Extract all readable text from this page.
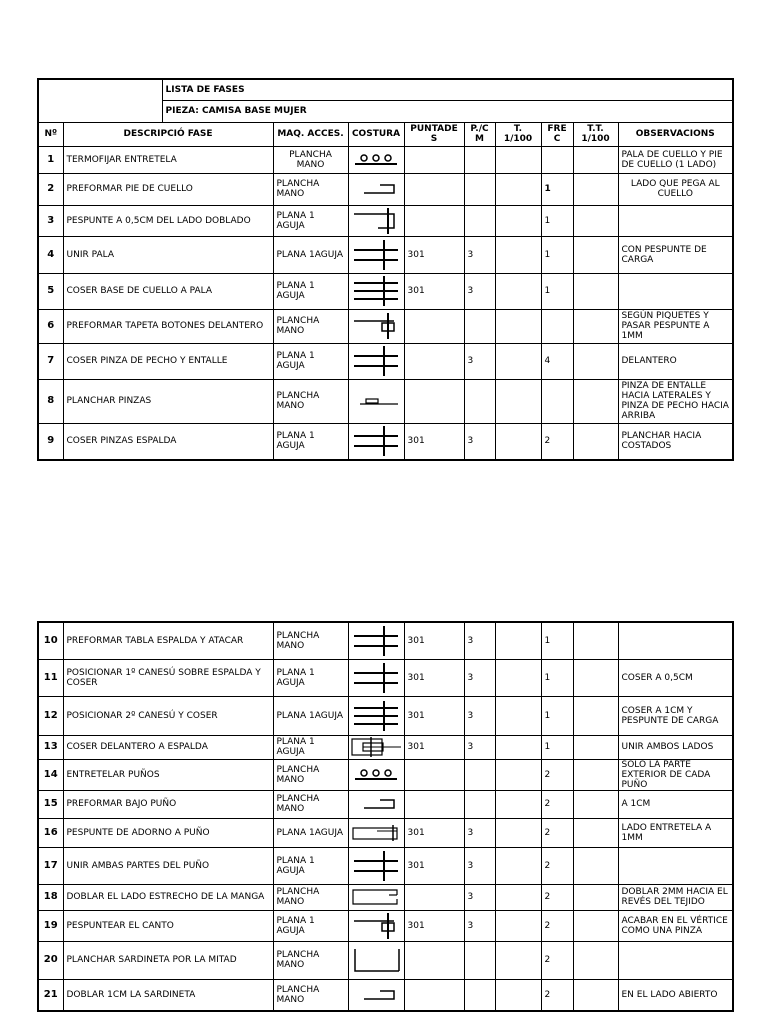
		LISTA DE FASES								
		PIEZA: CAMISA BASE MUJER								
Nº	DESCRIPCIÓ FASE		MAQ. ACCES.	COSTURA	PUNTADE S	P./C M	T. 1/100	FRE C	T.T. 1/100	OBSERVACIONS
1	TERMOFIJAR ENTRETELA		PLANCHA MANO							PALA DE CUELLO Y PIE DE CUELLO (1 LADO)
2	PREFORMAR PIE DE CUELLO		PLANCHA MANO					1		LADO QUE PEGA AL CUELLO
3	PESPUNTE A 0,5CM DEL LADO DOBLADO		PLANA 1 AGUJA					1		
4	UNIR PALA		PLANA 1AGUJA		301	3		1		CON PESPUNTE DE CARGA
5	COSER BASE DE CUELLO A PALA		PLANA 1 AGUJA		301	3		1		
6	PREFORMAR TAPETA BOTONES DELANTERO		PLANCHA MANO							SEGÚN PIQUETES Y PASAR PESPUNTE A 1MM
7	COSER PINZA DE PECHO Y ENTALLE		PLANA 1 AGUJA			3		4		DELANTERO
8	PLANCHAR PINZAS		PLANCHA MANO							PINZA DE ENTALLE HACIA LATERALES Y PINZA DE PECHO HACIA ARRIBA
9	COSER PINZAS ESPALDA		PLANA 1 AGUJA		301	3		2		PLANCHAR HACIA COSTADOS
10	PREFORMAR TABLA ESPALDA Y ATACAR	PLANCHA MANO		301	3		1		
11	POSICIONAR 1º CANESÚ SOBRE ESPALDA Y COSER	PLANA 1 AGUJA		301	3		1		COSER A 0,5CM
12	POSICIONAR 2º CANESÚ Y COSER	PLANA 1AGUJA		301	3		1		COSER A 1CM Y PESPUNTE DE CARGA
13	COSER DELANTERO A ESPALDA	PLANA 1 AGUJA		301	3		1		UNIR AMBOS LADOS
14	ENTRETELAR PUÑOS	PLANCHA MANO					2		SOLO LA PARTE EXTERIOR DE CADA PUÑO
15	PREFORMAR BAJO PUÑO	PLANCHA MANO					2		A 1CM
16	PESPUNTE DE ADORNO A PUÑO	PLANA 1AGUJA		301	3		2		LADO ENTRETELA A 1MM
17	UNIR AMBAS PARTES DEL PUÑO	PLANA 1 AGUJA		301	3		2		
18	DOBLAR EL LADO ESTRECHO DE LA MANGA	PLANCHA MANO			3		2		DOBLAR 2MM HACIA EL REVÉS DEL TEJIDO
19	PESPUNTEAR EL CANTO	PLANA 1 AGUJA		301	3		2		ACABAR EN EL VÉRTICE COMO UNA PINZA
20	PLANCHAR SARDINETA POR LA MITAD	PLANCHA MANO					2		
21	DOBLAR 1CM LA SARDINETA	PLANCHA MANO					2		EN EL LADO ABIERTO
